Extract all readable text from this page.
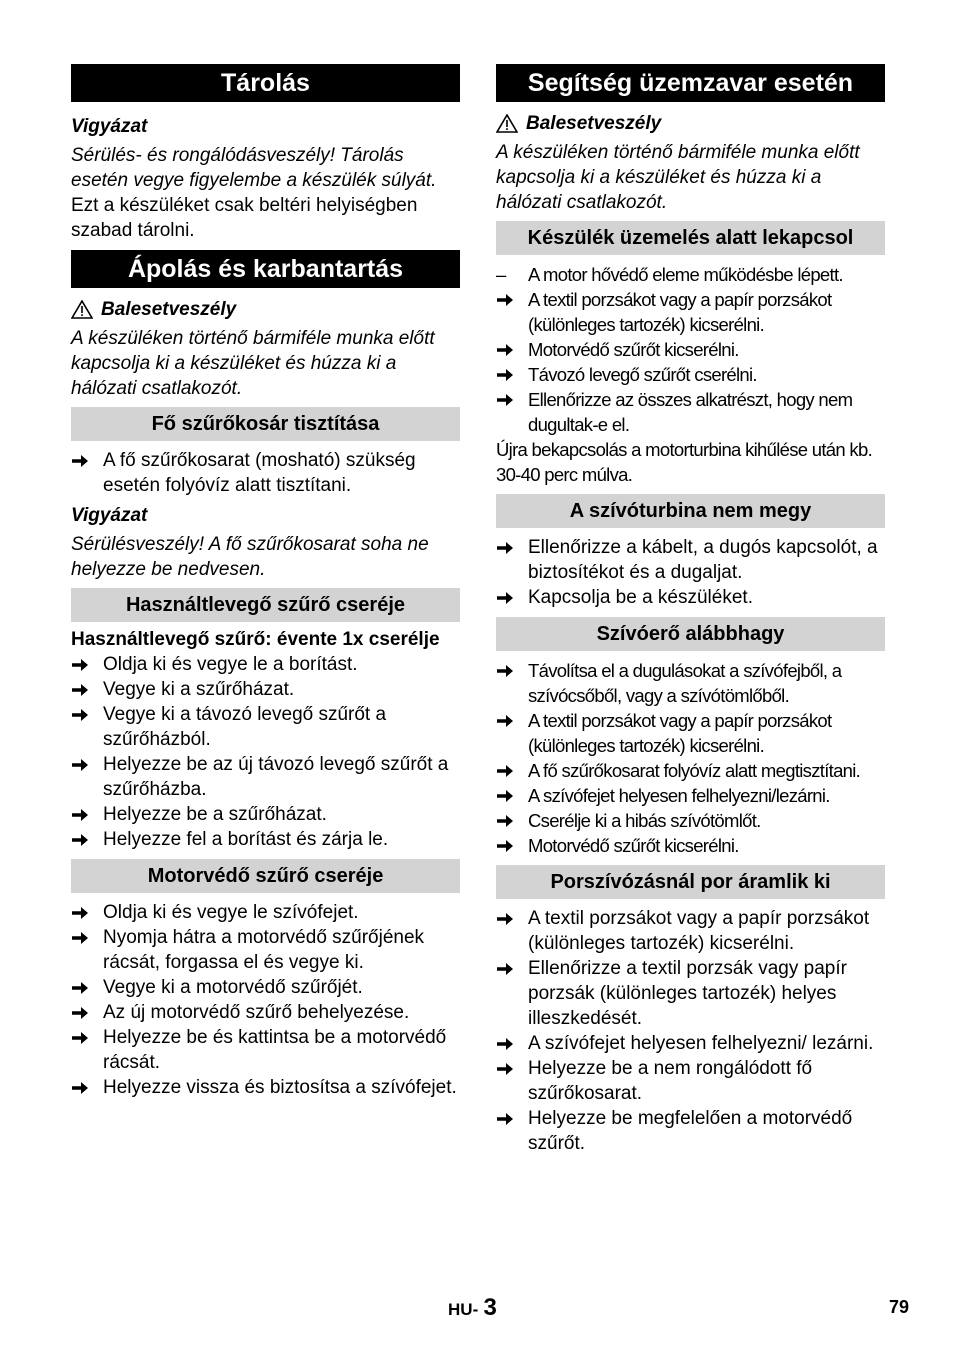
Tárolás

Vigyázat

Sérülés- és rongálódásveszély! Tárolás esetén vegye figyelembe a készülék súlyát.

Ezt a készüléket csak beltéri helyiségben szabad tárolni.

Ápolás és karbantartás
Balesetveszély

A készüléken történő bármiféle munka előtt kapcsolja ki a készüléket és húzza ki a hálózati csatlakozót.

Fő szűrőkosár tisztítása
A fő szűrőkosarat (mosható) szükség esetén folyóvíz alatt tisztítani.

Vigyázat

Sérülésveszély! A fő szűrőkosarat soha ne helyezze be nedvesen.

Használtlevegő szűrő cseréje

Használtlevegő szűrő: évente 1x cserélje

Oldja ki és vegye le a borítást.
Vegye ki a szűrőházat.
Vegye ki a távozó levegő szűrőt a szűrőházból.
Helyezze be az új távozó levegő szűrőt a szűrőházba.
Helyezze be a szűrőházat.
Helyezze fel a borítást és zárja le.
Motorvédő szűrő cseréje
Oldja ki és vegye le szívófejet.
Nyomja hátra a motorvédő szűrőjének rácsát, forgassa el és vegye ki.
Vegye ki a motorvédő szűrőjét.
Az új motorvédő szűrő behelyezése.
Helyezze be és kattintsa be a motorvédő rácsát.
Helyezze vissza és biztosítsa a szívófejet.
Segítség üzemzavar esetén
Balesetveszély

A készüléken történő bármiféle munka előtt kapcsolja ki a készüléket és húzza ki a hálózati csatlakozót.

Készülék üzemelés alatt lekapcsol
–	A motor hővédő eleme működésbe lépett.
A textil porzsákot vagy a papír porzsákot (különleges tartozék) kicserélni.
Motorvédő szűrőt kicserélni.
Távozó levegő szűrőt cserélni.
Ellenőrizze az összes alkatrészt, hogy nem dugultak-e el.

Újra bekapcsolás a motorturbina kihűlése után kb. 30-40 perc múlva.

A szívóturbina nem megy
Ellenőrizze a kábelt, a dugós kapcsolót, a biztosítékot és a dugaljat.
Kapcsolja be a készüléket.
Szívóerő alábbhagy
Távolítsa el a dugulásokat a szívófejből, a szívócsőből, vagy a szívótömlőből.
A textil porzsákot vagy a papír porzsákot (különleges tartozék) kicserélni.
A fő szűrőkosarat folyóvíz alatt megtisztítani.
A szívófejet helyesen felhelyezni/lezárni.
Cserélje ki a hibás szívótömlőt.
Motorvédő szűrőt kicserélni.
Porszívózásnál por áramlik ki
A textil porzsákot vagy a papír porzsákot (különleges tartozék) kicserélni.
Ellenőrizze a textil porzsák vagy papír porzsák (különleges tartozék) helyes illeszkedését.
A szívófejet helyesen felhelyezni/ lezárni.
Helyezze be a nem rongálódott fő szűrőkosarat.
Helyezze be megfelelően a motorvédő szűrőt.
HU- 3	79
